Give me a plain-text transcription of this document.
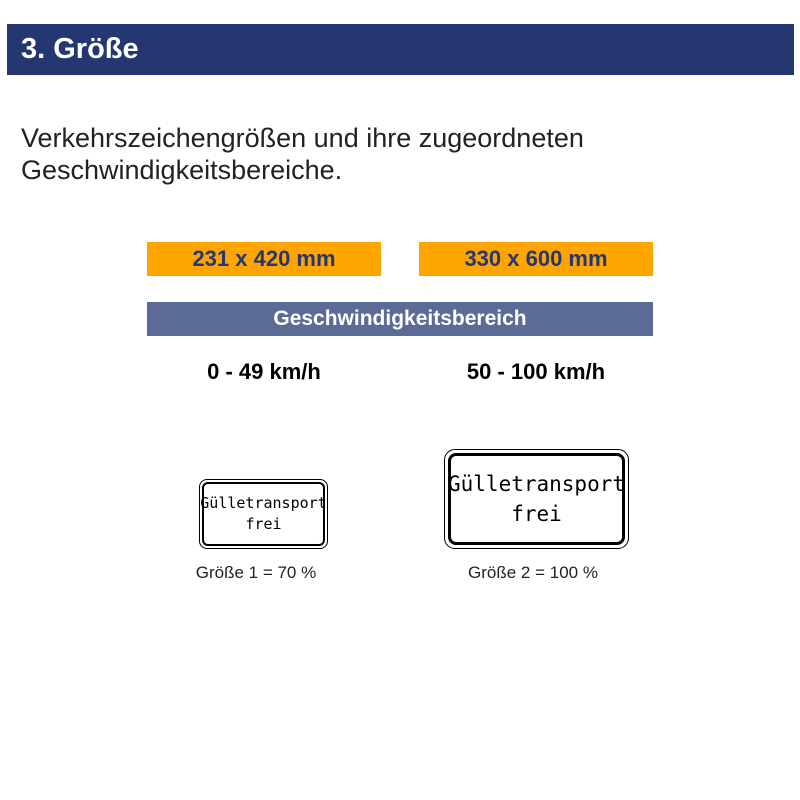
3. Größe

Verkehrszeichengrößen und ihre zugeordneten
Geschwindigkeitsbereiche.

231 x 420 mm	330 x 600 mm
Geschwindigkeitsbereich
0 - 49 km/h	50 - 100 km/h
Gülletransport
frei
Gülletransport
frei
Größe 1 = 70 %	Größe 2 = 100 %
